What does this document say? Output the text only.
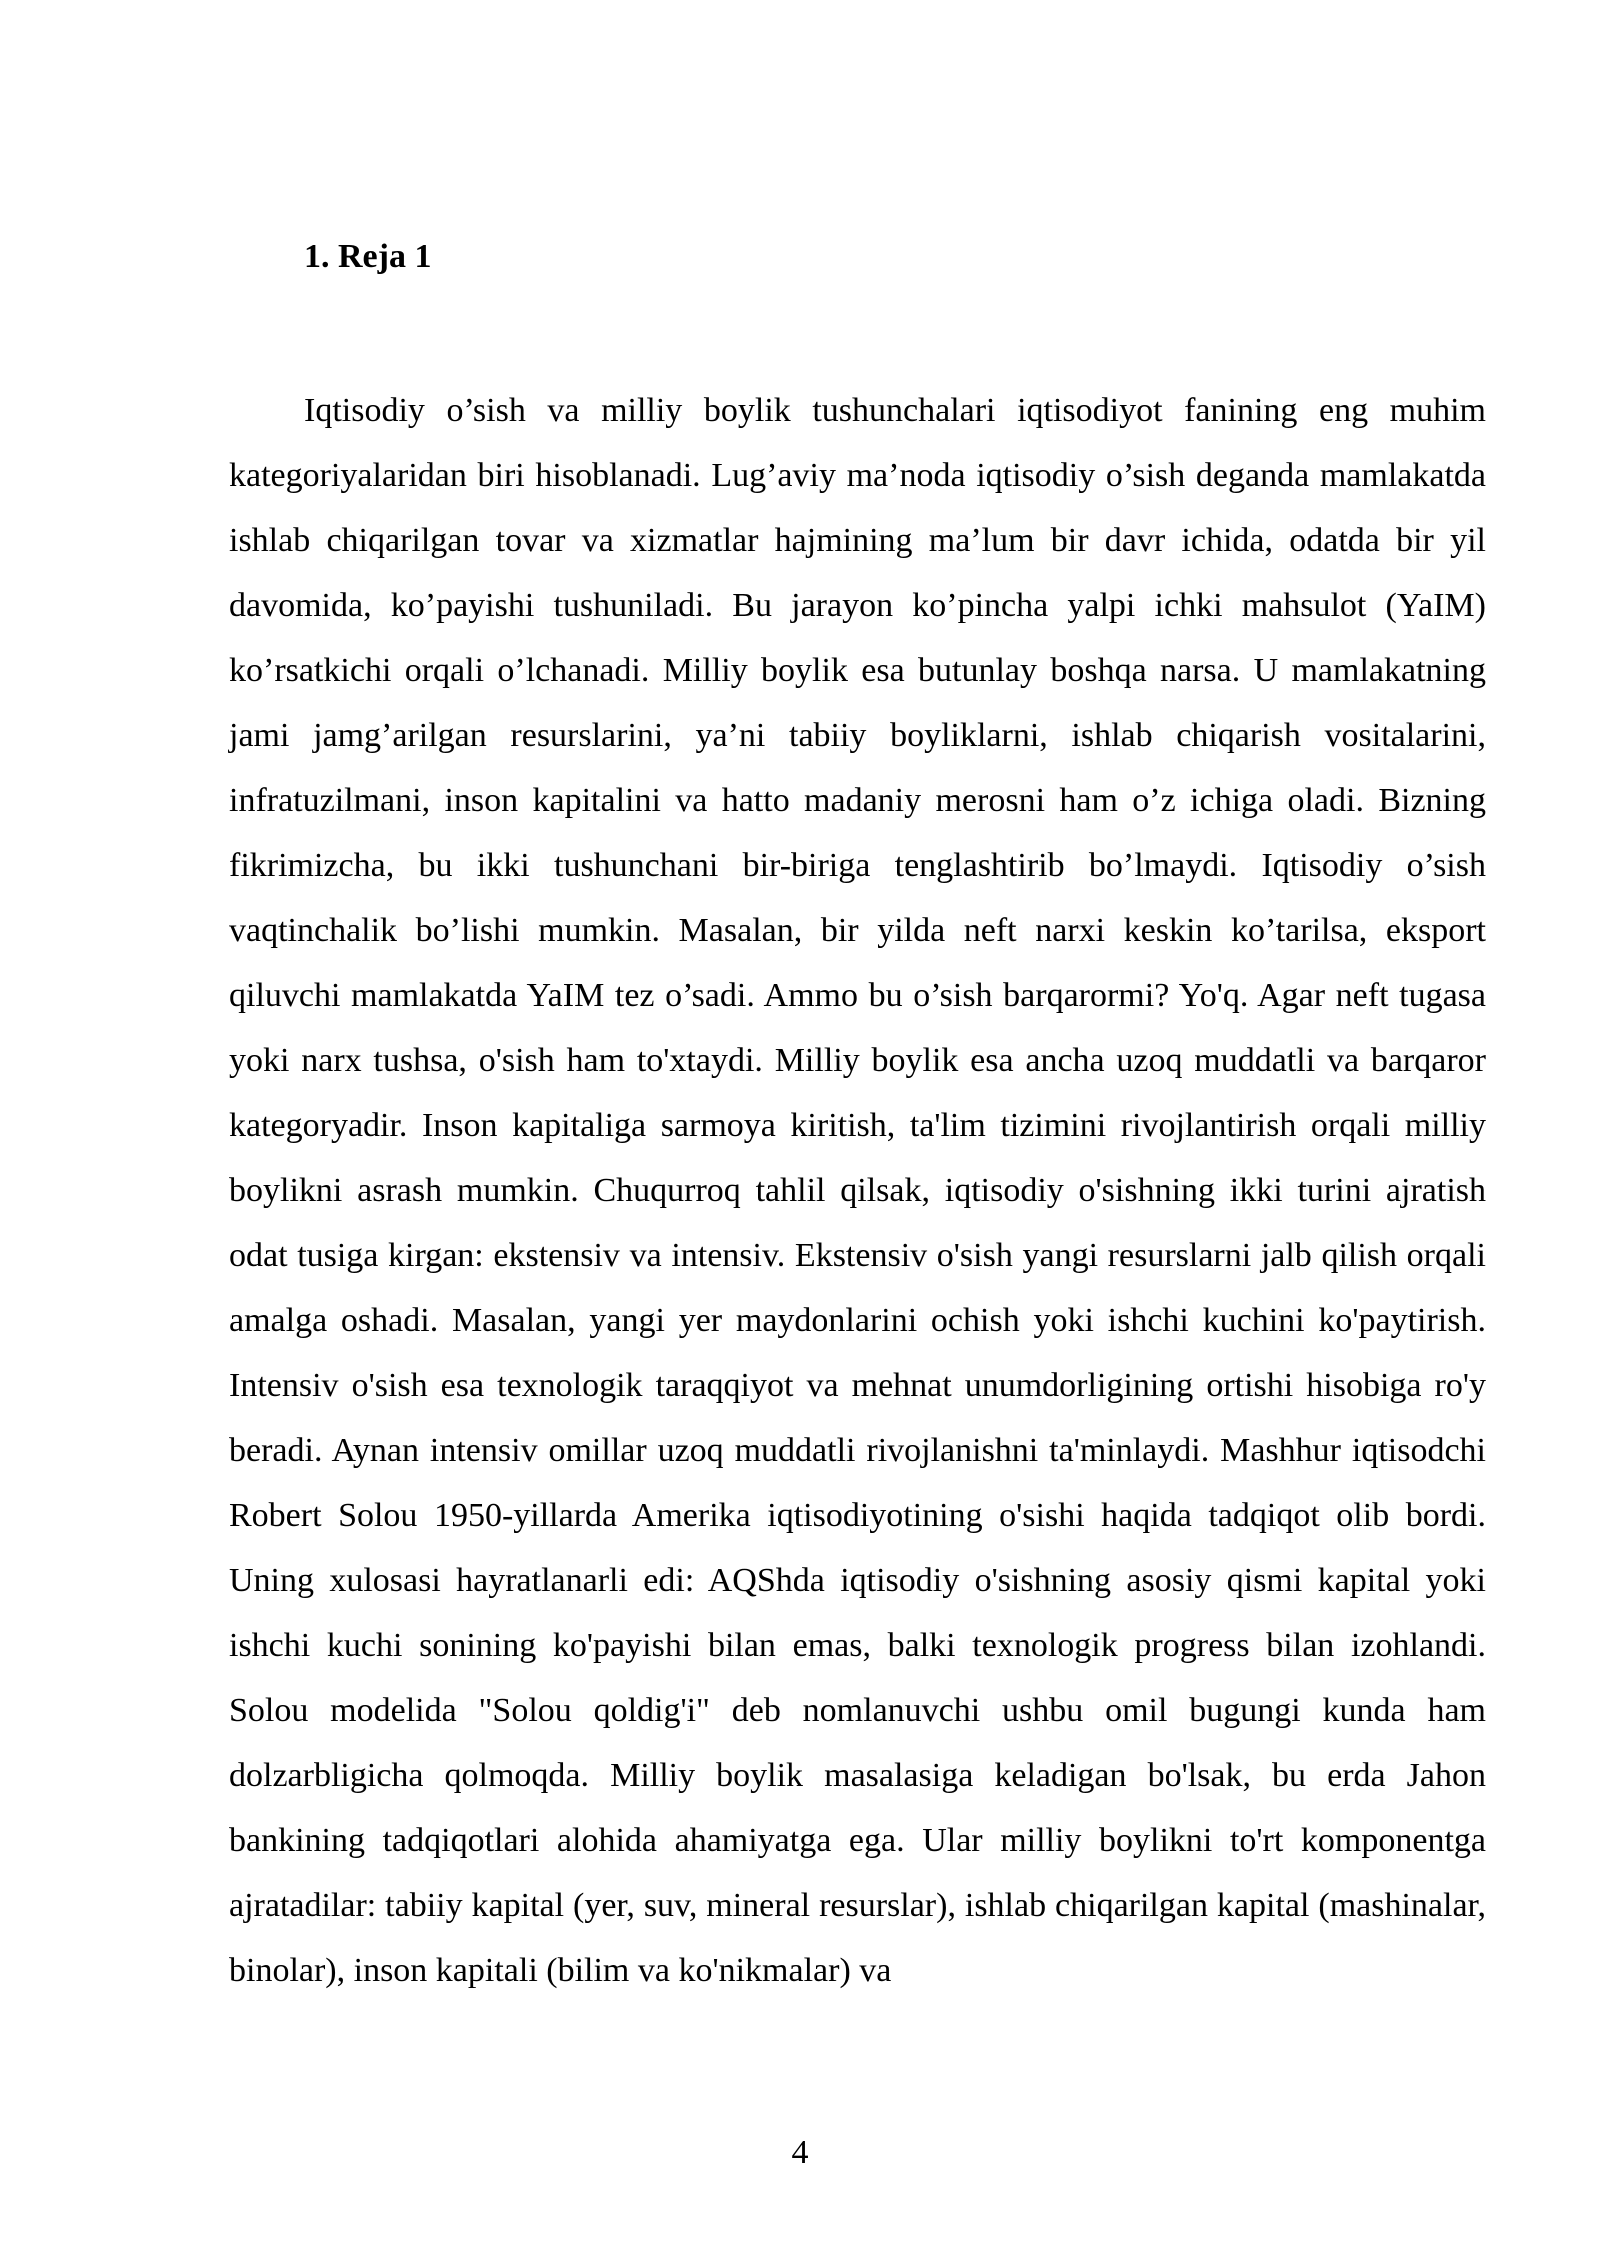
1. Reja 1

Iqtisodiy o’sish va milliy boylik tushunchalari iqtisodiyot fanining eng muhim kategoriyalaridan biri hisoblanadi. Lug’aviy ma’noda iqtisodiy o’sish deganda mamlakatda ishlab chiqarilgan tovar va xizmatlar hajmining ma’lum bir davr ichida, odatda bir yil davomida, ko’payishi tushuniladi. Bu jarayon ko’pincha yalpi ichki mahsulot (YaIM) ko’rsatkichi orqali o’lchanadi. Milliy boylik esa butunlay boshqa narsa. U mamlakatning jami jamg’arilgan resurslarini, ya’ni tabiiy boyliklarni, ishlab chiqarish vositalarini, infratuzilmani, inson kapitalini va hatto madaniy merosni ham o’z ichiga oladi. Bizning fikrimizcha, bu ikki tushunchani bir-biriga tenglashtirib bo’lmaydi. Iqtisodiy o’sish vaqtinchalik bo’lishi mumkin. Masalan, bir yilda neft narxi keskin ko’tarilsa, eksport qiluvchi mamlakatda YaIM tez o’sadi. Ammo bu o’sish barqarormi? Yo'q. Agar neft tugasa yoki narx tushsa, o'sish ham to'xtaydi. Milliy boylik esa ancha uzoq muddatli va barqaror kategoryadir. Inson kapitaliga sarmoya kiritish, ta'lim tizimini rivojlantirish orqali milliy boylikni asrash mumkin. Chuqurroq tahlil qilsak, iqtisodiy o'sishning ikki turini ajratish odat tusiga kirgan: ekstensiv va intensiv. Ekstensiv o'sish yangi resurslarni jalb qilish orqali amalga oshadi. Masalan, yangi yer maydonlarini ochish yoki ishchi kuchini ko'paytirish. Intensiv o'sish esa texnologik taraqqiyot va mehnat unumdorligining ortishi hisobiga ro'y beradi. Aynan intensiv omillar uzoq muddatli rivojlanishni ta'minlaydi. Mashhur iqtisodchi Robert Solou 1950-yillarda Amerika iqtisodiyotining o'sishi haqida tadqiqot olib bordi. Uning xulosasi hayratlanarli edi: AQShda iqtisodiy o'sishning asosiy qismi kapital yoki ishchi kuchi sonining ko'payishi bilan emas, balki texnologik progress bilan izohlandi. Solou modelida "Solou qoldig'i" deb nomlanuvchi ushbu omil bugungi kunda ham dolzarbligicha qolmoqda. Milliy boylik masalasiga keladigan bo'lsak, bu erda Jahon bankining tadqiqotlari alohida ahamiyatga ega. Ular milliy boylikni to'rt komponentga ajratadilar: tabiiy kapital (yer, suv, mineral resurslar), ishlab chiqarilgan kapital (mashinalar, binolar), inson kapitali (bilim va ko'nikmalar) va

4
